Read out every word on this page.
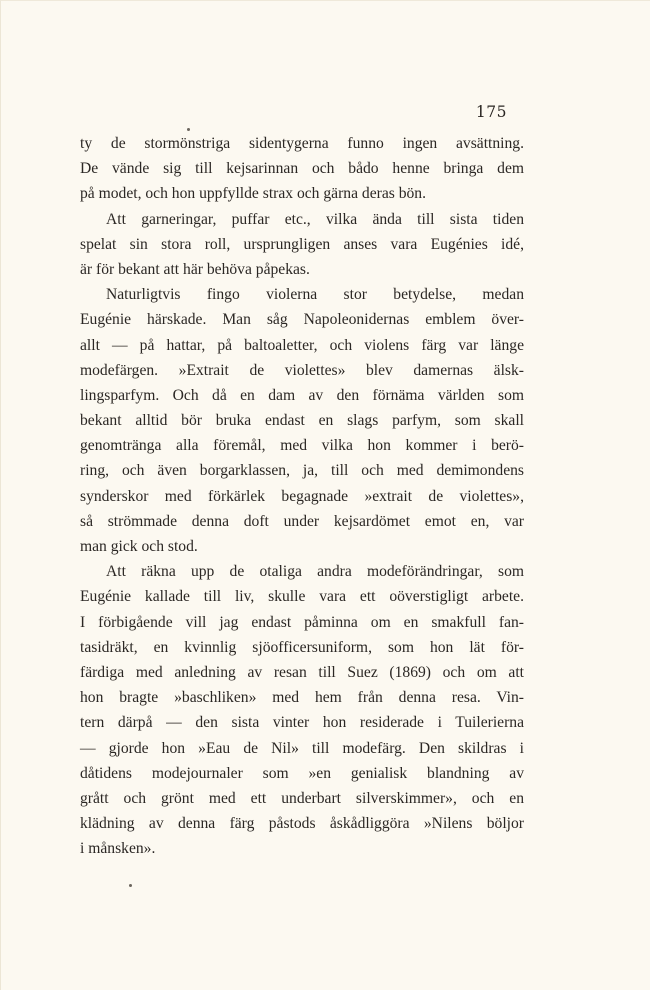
175
ty de stormönstriga sidentygerna funno ingen avsättning.
De vände sig till kejsarinnan och bådo henne bringa dem
på modet, och hon uppfyllde strax och gärna deras bön.
Att garneringar, puffar etc., vilka ända till sista tiden
spelat sin stora roll, ursprungligen anses vara Eugénies idé,
är för bekant att här behöva påpekas.
Naturligtvis fingo violerna stor betydelse, medan
Eugénie härskade. Man såg Napoleonidernas emblem över-
allt — på hattar, på baltoaletter, och violens färg var länge
modefärgen. »Extrait de violettes» blev damernas älsk-
lingsparfym. Och då en dam av den förnäma världen som
bekant alltid bör bruka endast en slags parfym, som skall
genomtränga alla föremål, med vilka hon kommer i berö-
ring, och även borgarklassen, ja, till och med demimondens
synderskor med förkärlek begagnade »extrait de violettes»,
så strömmade denna doft under kejsardömet emot en, var
man gick och stod.
Att räkna upp de otaliga andra modeförändringar, som
Eugénie kallade till liv, skulle vara ett oöverstigligt arbete.
I förbigående vill jag endast påminna om en smakfull fan-
tasidräkt, en kvinnlig sjöofficersuniform, som hon lät för-
färdiga med anledning av resan till Suez (1869) och om att
hon bragte »baschliken» med hem från denna resa. Vin-
tern därpå — den sista vinter hon residerade i Tuilerierna
— gjorde hon »Eau de Nil» till modefärg. Den skildras i
dåtidens modejournaler som »en genialisk blandning av
grått och grönt med ett underbart silverskimmer», och en
klädning av denna färg påstods åskådliggöra »Nilens böljor
i månsken».
